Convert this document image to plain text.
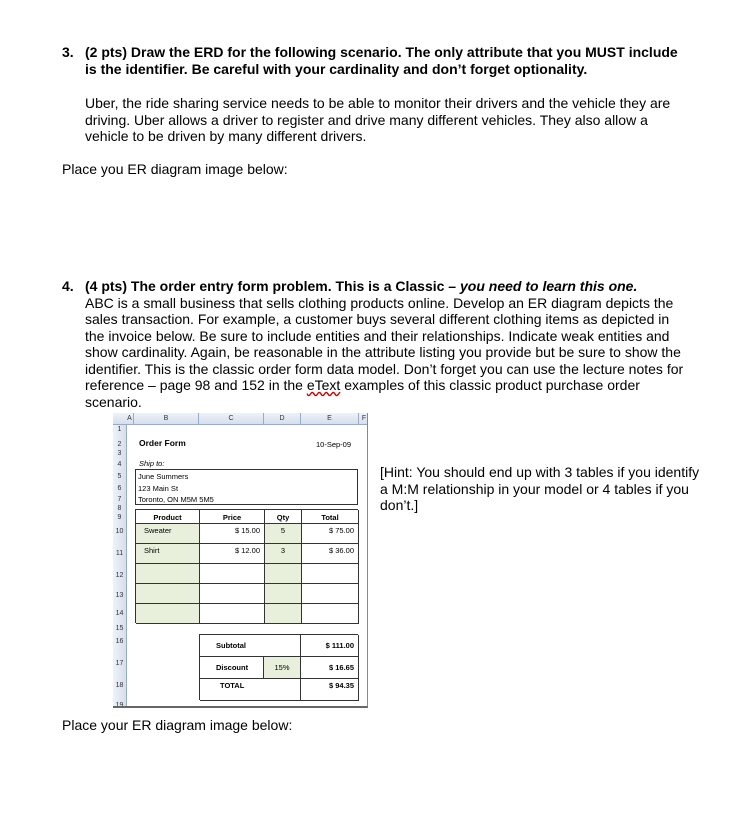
3. (2 pts) Draw the ERD for the following scenario. The only attribute that you MUST include is the identifier. Be careful with your cardinality and don’t forget optionality.
Uber, the ride sharing service needs to be able to monitor their drivers and the vehicle they are driving. Uber allows a driver to register and drive many different vehicles. They also allow a vehicle to be driven by many different drivers.
Place you ER diagram image below:
4. (4 pts) The order entry form problem. This is a Classic – you need to learn this one.
ABC is a small business that sells clothing products online. Develop an ER diagram depicts the sales transaction. For example, a customer buys several different clothing items as depicted in the invoice below. Be sure to include entities and their relationships. Indicate weak entities and show cardinality. Again, be reasonable in the attribute listing you provide but be sure to show the identifier. This is the classic order form data model. Don’t forget you can use the lecture notes for reference – page 98 and 152 in the eText examples of this classic product purchase order scenario.
[Hint: You should end up with 3 tables if you identify a M:M relationship in your model or 4 tables if you don’t.]
A	B	C	D	E	F
1
2
3
4
5
6
7
8
9
10
11
12
13
14
15
16
17
18
19
Order Form	10-Sep-09
Ship to:
June Summers
123 Main St
Toronto, ON M5M 5M5
Product	Price	Qty	Total
Sweater	$ 15.00	5	$ 75.00
Shirt	$ 12.00	3	$ 36.00
Subtotal	$ 111.00
Discount	15%	$ 16.65
TOTAL	$ 94.35
Place your ER diagram image below:
